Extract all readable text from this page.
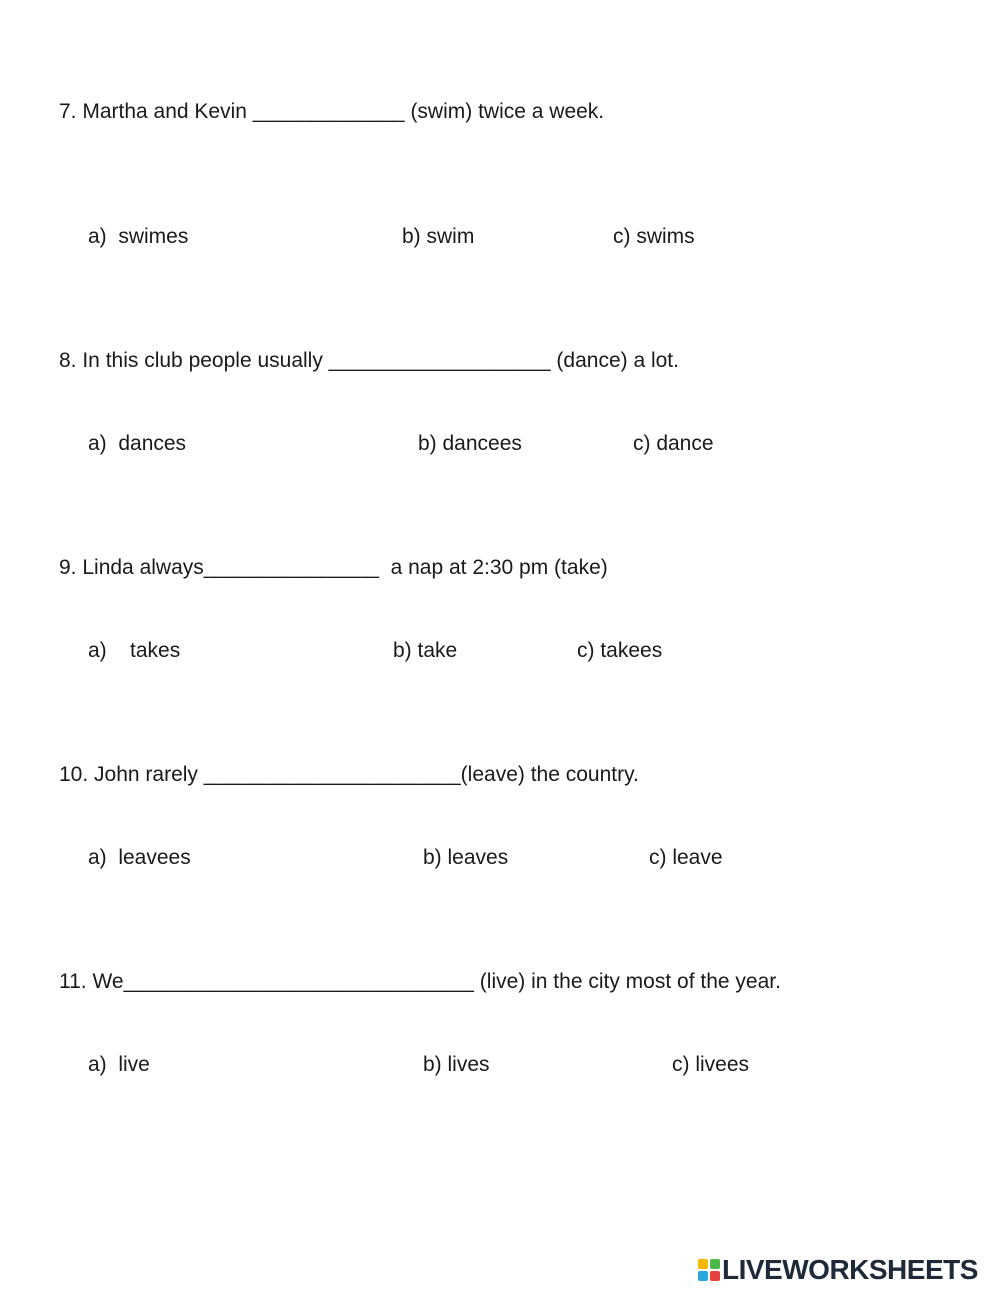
7. Martha and Kevin _____________ (swim) twice a week.
a)  swimes	b) swim	c) swims
8. In this club people usually ___________________ (dance) a lot.
a)  dances	b) dancees	c) dance
9. Linda always_______________  a nap at 2:30 pm (take)
a)    takes	b) take	c) takees
10. John rarely ______________________(leave) the country.
a)  leavees	b) leaves	c) leave
11. We______________________________ (live) in the city most of the year.
a)  live	b) lives	c) livees
LIVEWORKSHEETS
